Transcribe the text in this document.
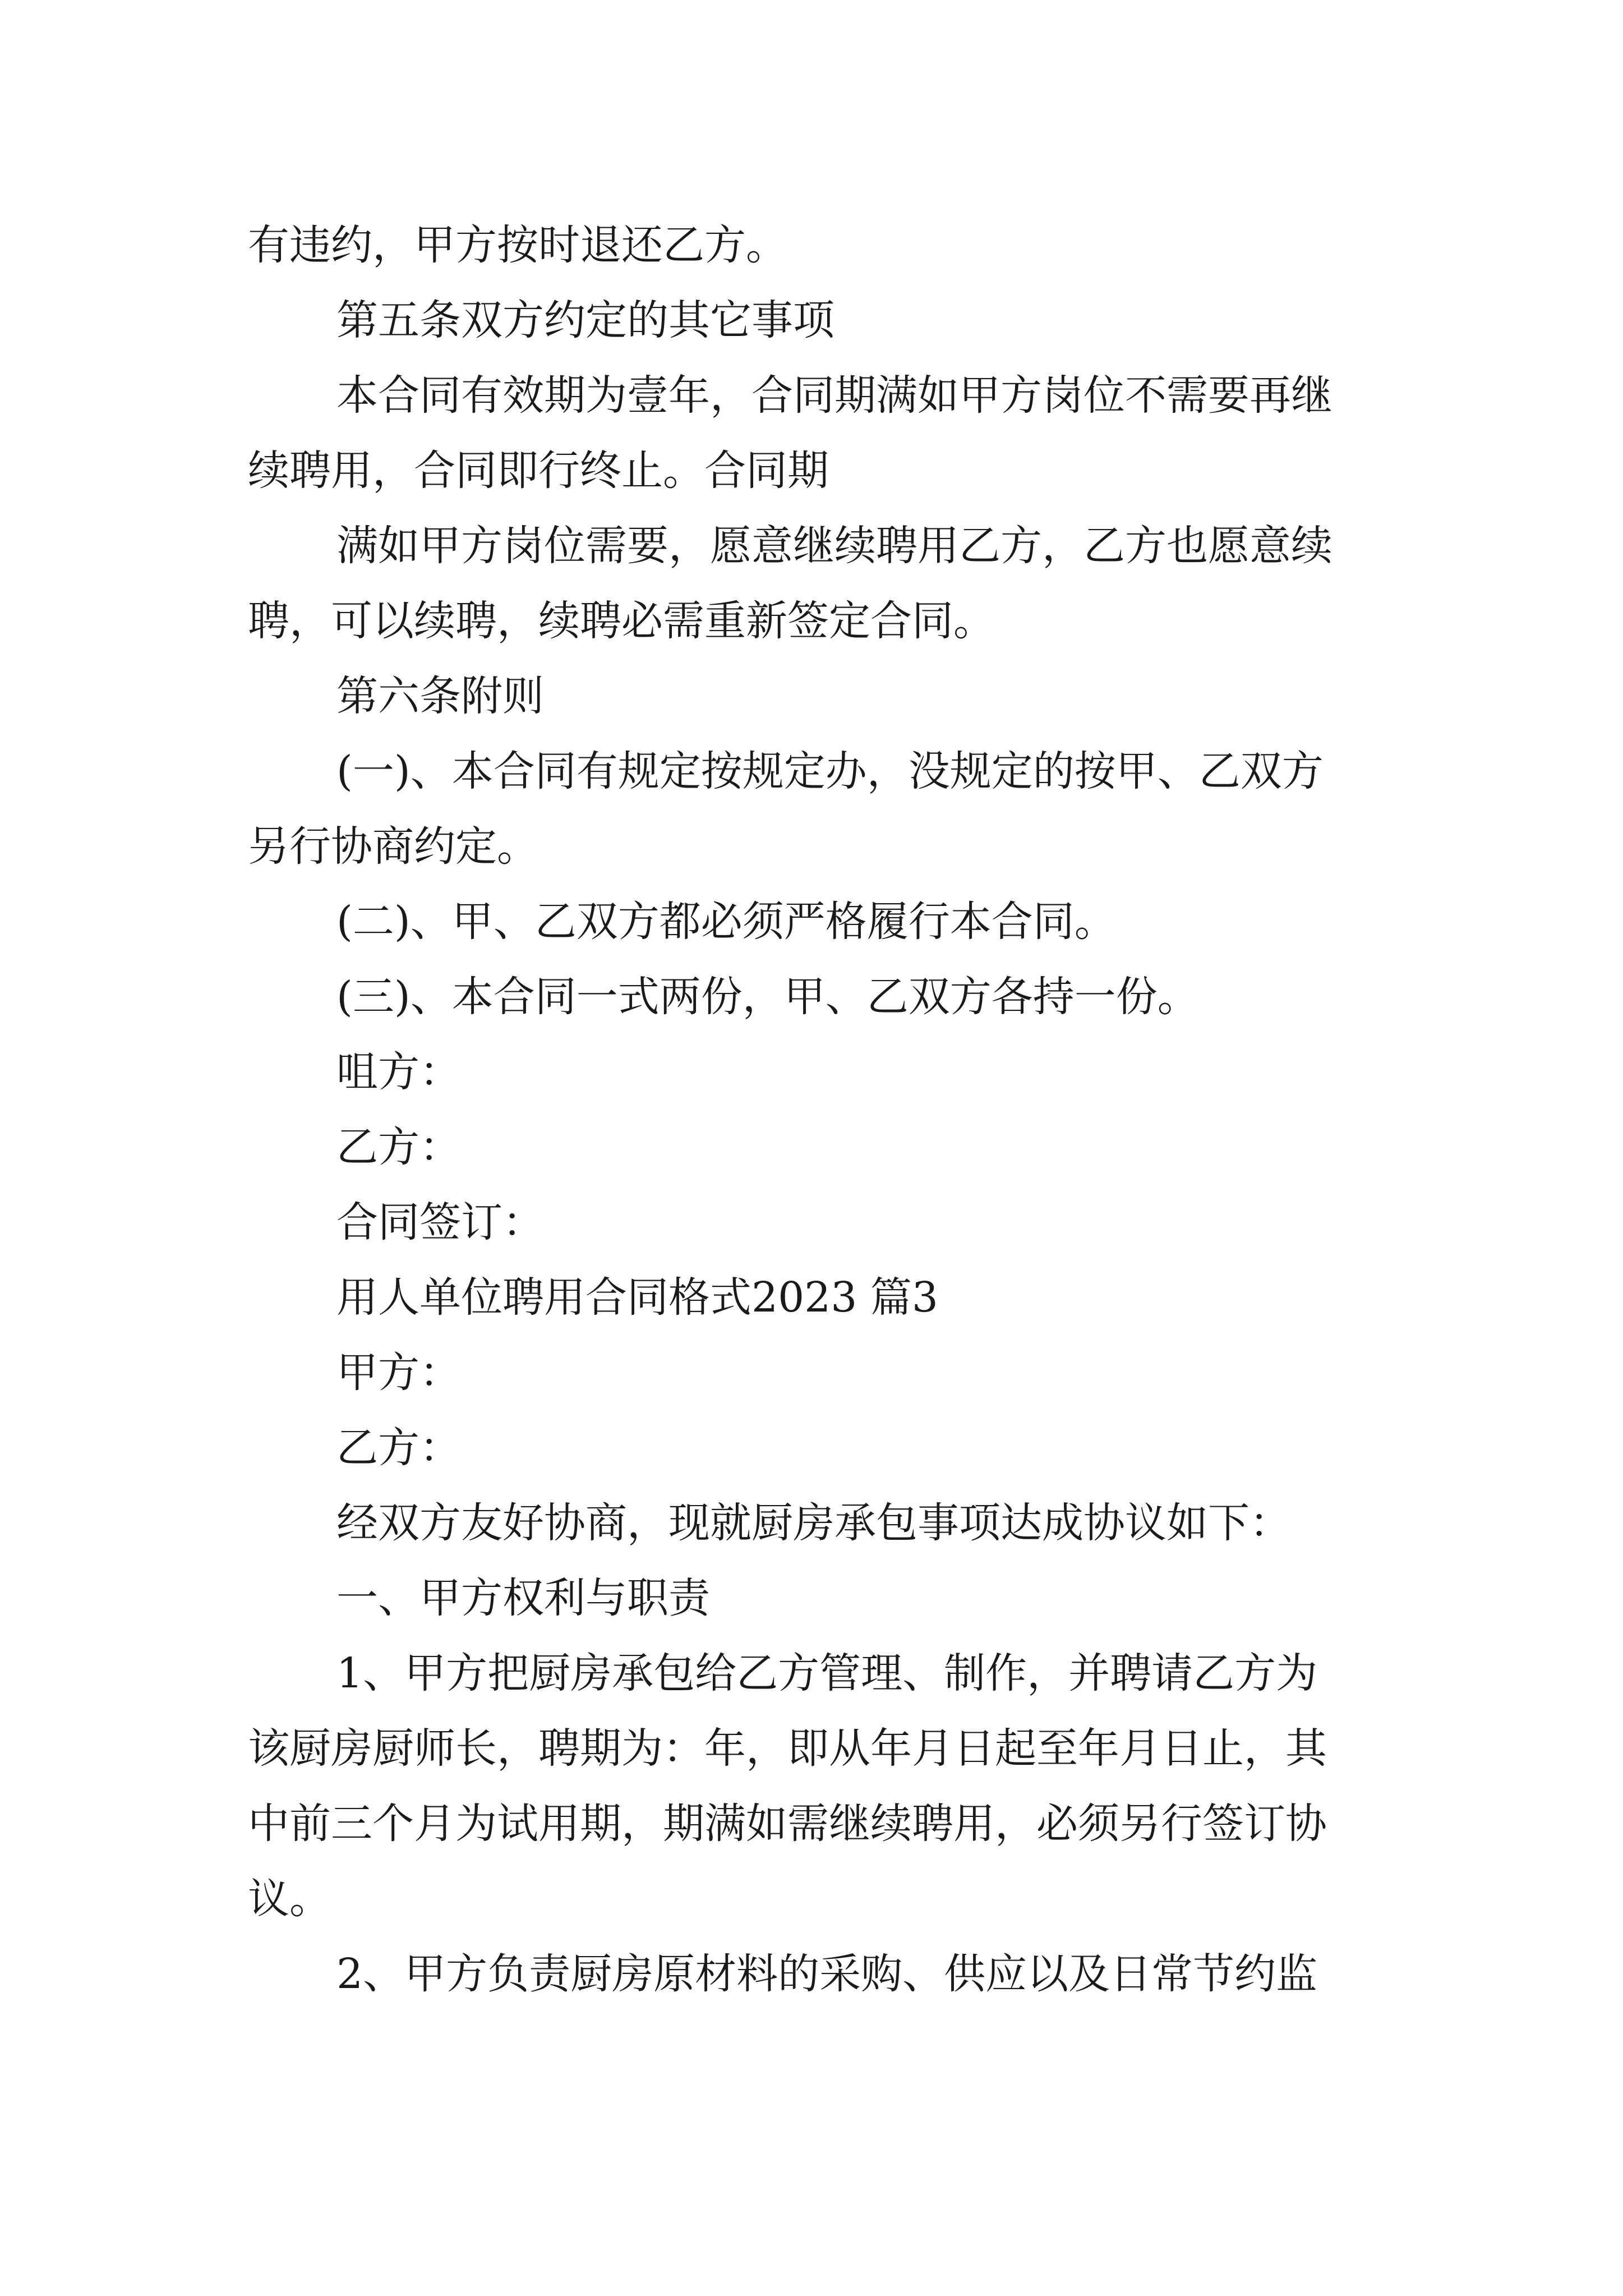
有违约，甲方按时退还乙方。
第五条双方约定的其它事项
本合同有效期为壹年，合同期满如甲方岗位不需要再继
续聘用，合同即行终止。合同期
满如甲方岗位需要，愿意继续聘用乙方，乙方也愿意续
聘，可以续聘，续聘必需重新签定合同。
第六条附则
(一)、本合同有规定按规定办，没规定的按甲、乙双方
另行协商约定。
(二)、甲、乙双方都必须严格履行本合同。
(三)、本合同一式两份，甲、乙双方各持一份。
咀方：
乙方：
合同签订：
用人单位聘用合同格式2023 篇3
甲方：
乙方：
经双方友好协商，现就厨房承包事项达成协议如下：
一、甲方权利与职责
1、甲方把厨房承包给乙方管理、制作，并聘请乙方为
该厨房厨师长，聘期为：年，即从年月日起至年月日止，其
中前三个月为试用期，期满如需继续聘用，必须另行签订协
议。
2、甲方负责厨房原材料的采购、供应以及日常节约监
